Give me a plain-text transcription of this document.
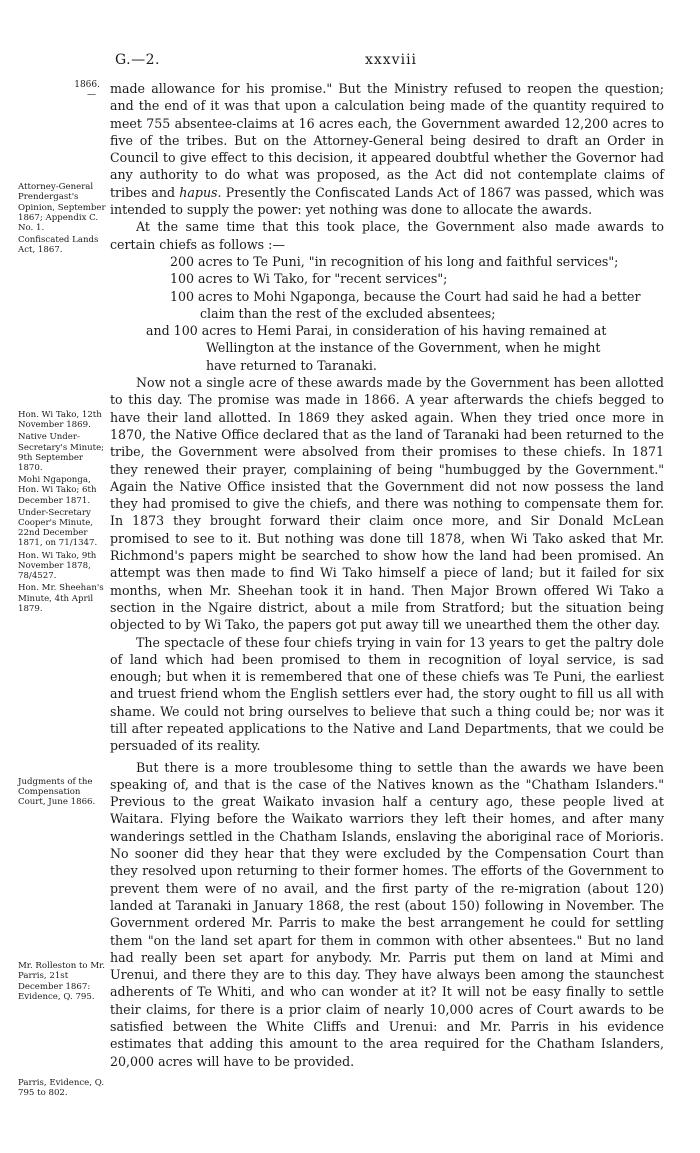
G.—2.	xxxviii
1866.
—
Attorney-General Prendergast's Opinion, September 1867; Appendix C. No. 1.
Confiscated Lands Act, 1867.

made allowance for his promise." But the Ministry refused to reopen the question; and the end of it was that upon a calculation being made of the quantity required to meet 755 absentee-claims at 16 acres each, the Government awarded 12,200 acres to five of the tribes. But on the Attorney-General being desired to draft an Order in Council to give effect to this decision, it appeared doubtful whether the Governor had any authority to do what was proposed, as the Act did not contemplate claims of tribes and hapus. Presently the Confiscated Lands Act of 1867 was passed, which was intended to supply the power: yet nothing was done to allocate the awards.

At the same time that this took place, the Government also made awards to certain chiefs as follows :—

200 acres to Te Puni, "in recognition of his long and faithful services";

100 acres to Wi Tako, for "recent services";

100 acres to Mohi Ngaponga, because the Court had said he had a better
claim than the rest of the excluded absentees;

and 100 acres to Hemi Parai, in consideration of his having remained at
Wellington at the instance of the Government, when he might
have returned to Taranaki.

Hon. Wi Tako, 12th November 1869.
Native Under-Secretary's Minute; 9th September 1870.
Mohi Ngaponga, Hon. Wi Tako; 6th December 1871.
Under-Secretary Cooper's Minute, 22nd December 1871, on 71/1347.
Hon. Wi Tako, 9th November 1878, 78/4527.
Hon. Mr. Sheehan's Minute, 4th April 1879.

Now not a single acre of these awards made by the Government has been allotted to this day. The promise was made in 1866. A year afterwards the chiefs begged to have their land allotted. In 1869 they asked again. When they tried once more in 1870, the Native Office declared that as the land of Taranaki had been returned to the tribe, the Government were absolved from their promises to these chiefs. In 1871 they renewed their prayer, complaining of being "humbugged by the Government." Again the Native Office insisted that the Government did not now possess the land they had promised to give the chiefs, and there was nothing to compensate them for. In 1873 they brought forward their claim once more, and Sir Donald McLean promised to see to it. But nothing was done till 1878, when Wi Tako asked that Mr. Richmond's papers might be searched to show how the land had been promised. An attempt was then made to find Wi Tako himself a piece of land; but it failed for six months, when Mr. Sheehan took it in hand. Then Major Brown offered Wi Tako a section in the Ngaire district, about a mile from Stratford; but the situation being objected to by Wi Tako, the papers got put away till we unearthed them the other day.

The spectacle of these four chiefs trying in vain for 13 years to get the paltry dole of land which had been promised to them in recognition of loyal service, is sad enough; but when it is remembered that one of these chiefs was Te Puni, the earliest and truest friend whom the English settlers ever had, the story ought to fill us all with shame. We could not bring ourselves to believe that such a thing could be; nor was it till after repeated applications to the Native and Land Departments, that we could be persuaded of its reality.

Judgments of the Compensation Court, June 1866.
Mr. Rolleston to Mr. Parris, 21st December 1867: Evidence, Q. 795.
Parris, Evidence, Q. 795 to 802.

But there is a more troublesome thing to settle than the awards we have been speaking of, and that is the case of the Natives known as the "Chatham Islanders." Previous to the great Waikato invasion half a century ago, these people lived at Waitara. Flying before the Waikato warriors they left their homes, and after many wanderings settled in the Chatham Islands, enslaving the aboriginal race of Morioris. No sooner did they hear that they were excluded by the Compensation Court than they resolved upon returning to their former homes. The efforts of the Government to prevent them were of no avail, and the first party of the re-migration (about 120) landed at Taranaki in January 1868, the rest (about 150) following in November. The Government ordered Mr. Parris to make the best arrangement he could for settling them "on the land set apart for them in common with other absentees." But no land had really been set apart for anybody. Mr. Parris put them on land at Mimi and Urenui, and there they are to this day. They have always been among the staunchest adherents of Te Whiti, and who can wonder at it? It will not be easy finally to settle their claims, for there is a prior claim of nearly 10,000 acres of Court awards to be satisfied between the White Cliffs and Urenui: and Mr. Parris in his evidence estimates that adding this amount to the area required for the Chatham Islanders, 20,000 acres will have to be provided.
